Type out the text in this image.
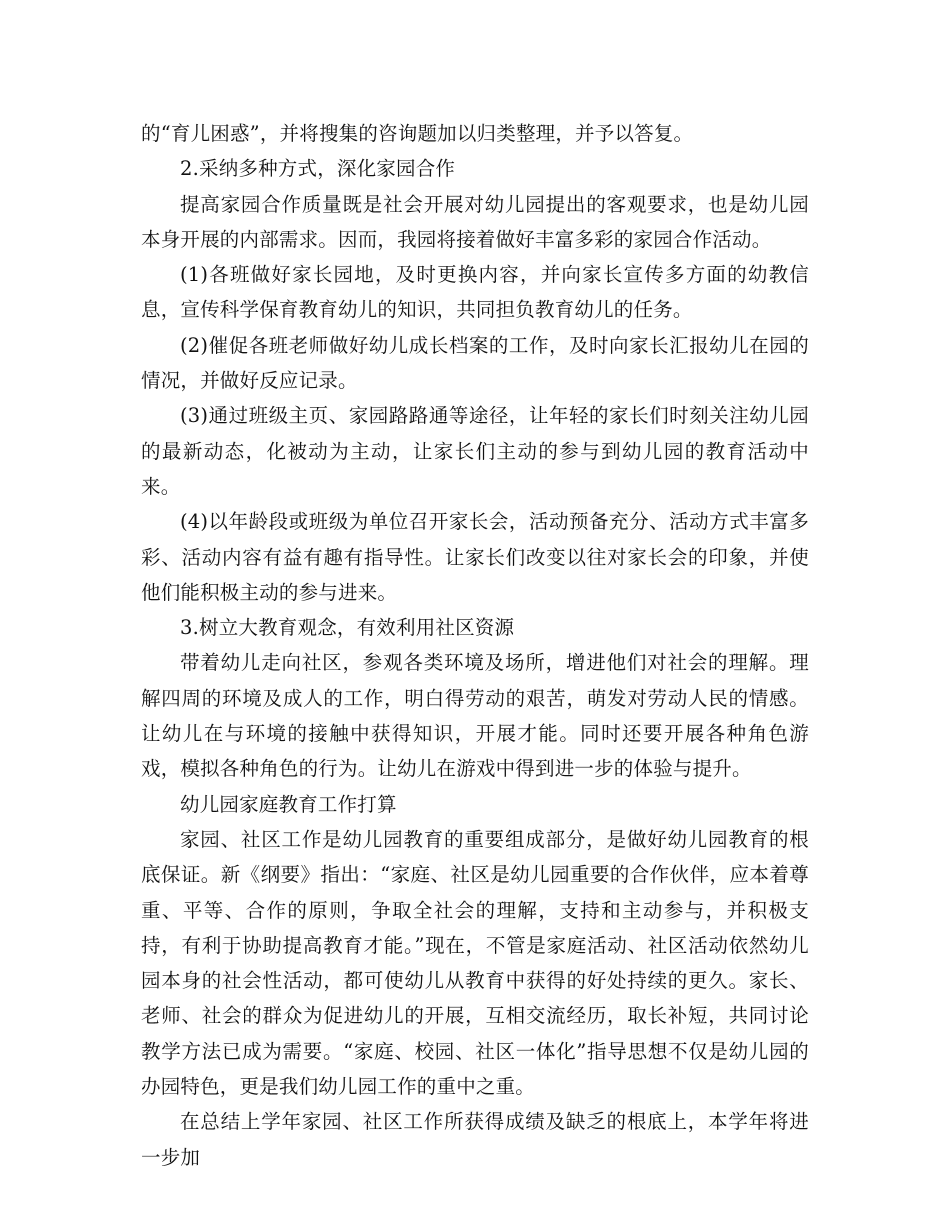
的“育儿困惑”，并将搜集的咨询题加以归类整理，并予以答复。

2.采纳多种方式，深化家园合作

提高家园合作质量既是社会开展对幼儿园提出的客观要求，也是幼儿园本身开展的内部需求。因而，我园将接着做好丰富多彩的家园合作活动。

(1)各班做好家长园地，及时更换内容，并向家长宣传多方面的幼教信息，宣传科学保育教育幼儿的知识，共同担负教育幼儿的任务。

(2)催促各班老师做好幼儿成长档案的工作，及时向家长汇报幼儿在园的情况，并做好反应记录。

(3)通过班级主页、家园路路通等途径，让年轻的家长们时刻关注幼儿园的最新动态，化被动为主动，让家长们主动的参与到幼儿园的教育活动中来。

(4)以年龄段或班级为单位召开家长会，活动预备充分、活动方式丰富多彩、活动内容有益有趣有指导性。让家长们改变以往对家长会的印象，并使他们能积极主动的参与进来。

3.树立大教育观念，有效利用社区资源

带着幼儿走向社区，参观各类环境及场所，增进他们对社会的理解。理解四周的环境及成人的工作，明白得劳动的艰苦，萌发对劳动人民的情感。让幼儿在与环境的接触中获得知识，开展才能。同时还要开展各种角色游戏，模拟各种角色的行为。让幼儿在游戏中得到进一步的体验与提升。

幼儿园家庭教育工作打算

家园、社区工作是幼儿园教育的重要组成部分，是做好幼儿园教育的根底保证。新《纲要》指出：“家庭、社区是幼儿园重要的合作伙伴，应本着尊重、平等、合作的原则，争取全社会的理解，支持和主动参与，并积极支持，有利于协助提高教育才能。”现在，不管是家庭活动、社区活动依然幼儿园本身的社会性活动，都可使幼儿从教育中获得的好处持续的更久。家长、老师、社会的群众为促进幼儿的开展，互相交流经历，取长补短，共同讨论教学方法已成为需要。“家庭、校园、社区一体化”指导思想不仅是幼儿园的办园特色，更是我们幼儿园工作的重中之重。

在总结上学年家园、社区工作所获得成绩及缺乏的根底上，本学年将进一步加
